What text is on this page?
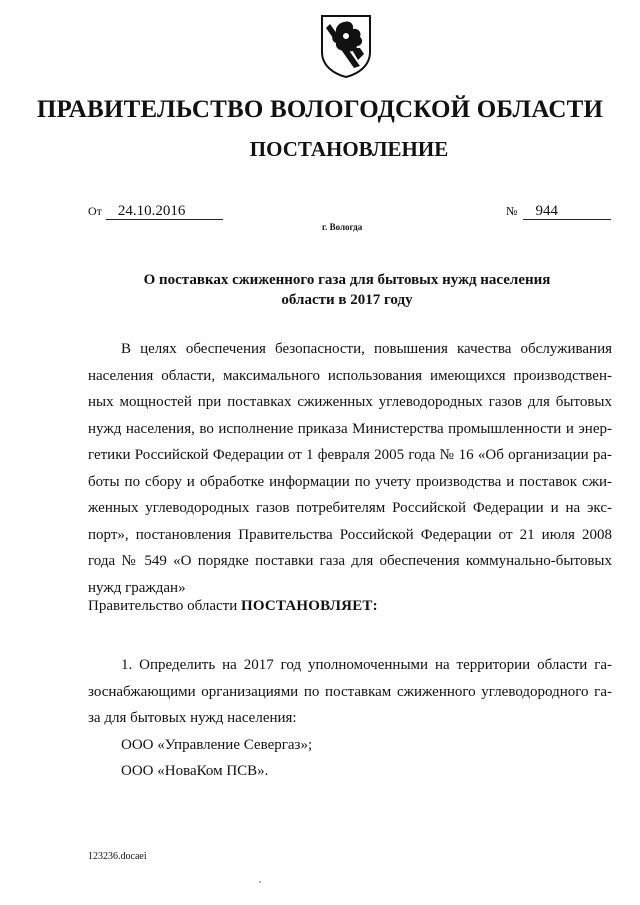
ПРАВИТЕЛЬСТВО ВОЛОГОДСКОЙ ОБЛАСТИ
ПОСТАНОВЛЕНИЕ
От 24.10.2016	№ 944
г. Вологда
О поставках сжиженного газа для бытовых нужд населения
области в 2017 году
В целях обеспечения безопасности, повышения качества обслуживания
населения области, максимального использования имеющихся производствен-
ных мощностей при поставках сжиженных углеводородных газов для бытовых
нужд населения, во исполнение приказа Министерства промышленности и энер-
гетики Российской Федерации от 1 февраля 2005 года № 16 «Об организации ра-
боты по сбору и обработке информации по учету производства и поставок сжи-
женных углеводородных газов потребителям Российской Федерации и на экс-
порт», постановления Правительства Российской Федерации от 21 июля 2008
года № 549 «О порядке поставки газа для обеспечения коммунально-бытовых
нужд граждан»
Правительство области ПОСТАНОВЛЯЕТ:
1. Определить на 2017 год уполномоченными на территории области га-
зоснабжающими организациями по поставкам сжиженного углеводородного га-
за для бытовых нужд населения:
ООО «Управление Севергаз»;
ООО «НоваКом ПСВ».
123236.docaei
